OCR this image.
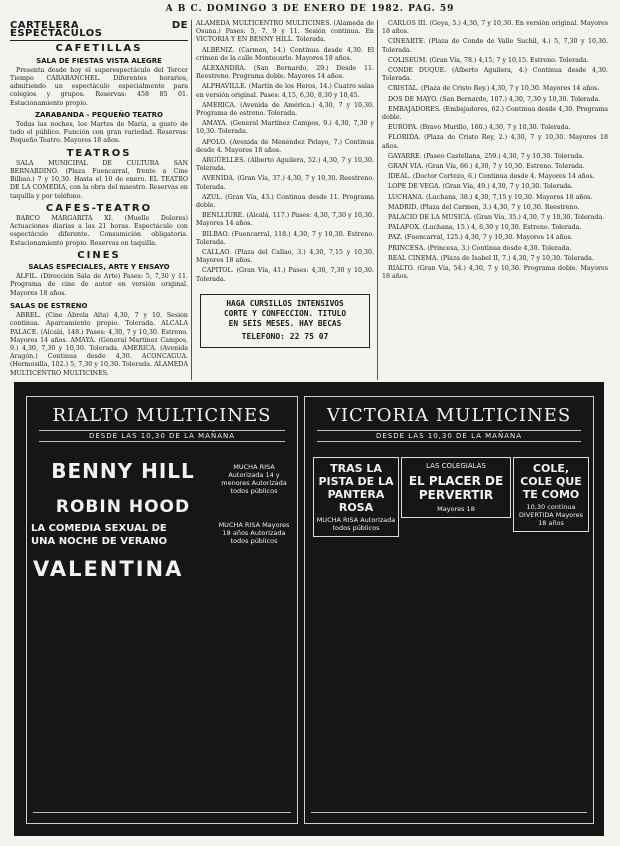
A B C. DOMINGO 3 DE ENERO DE 1982. PAG. 59
CARTELERA DE ESPECTACULOS
CAFETILLAS
SALA DE FIESTAS VISTA ALEGRE

Presenta desde hoy el superespectáculo del Tercer Tiempo CARABANCHEL. Diferentes horarios, admitiendo un espectáculo especialmente para colegios y grupos. Reservas: 458 85 01. Estacionamiento propio.

ZARABANDA - PEQUEÑO TEATRO

Todas las noches, los Martes de María, a gusto de todo el público. Función con gran variedad. Reservas: Pequeño Teatro. Mayores 18 años.

TEATROS

SALA MUNICIPAL DE CULTURA SAN BERNARDINO. (Plaza Fuencarral, frente a Cine Bilbao.) 7 y 10,30. Hasta el 10 de enero. EL TEATRO DE LA COMEDIA, con la obra del maestro. Reservas en taquilla y por teléfono.

CAFES-TEATRO

BARCO MARGARITA XI. (Muelle Dolores) Actuaciones diarias a las 21 horas. Espectáculo con espectáculo diferente. Consumición obligatoria. Estacionamiento propio. Reservas en taquilla.

CINES
SALAS ESPECIALES, ARTE Y ENSAYO

ALFIL. (Dirección Sala de Arte) Pases: 5, 7,30 y 11. Programa de cine de autor en versión original. Mayores 18 años.

SALAS DE ESTRENO

ABREL. (Cine Ábrela Alta) 4,30, 7 y 10. Sesión continua. Aparcamiento propio. Tolerada. ALCALA PALACE. (Alcalá, 148.) Pases: 4,30, 7 y 10,30. Estreno. Mayores 14 años. AMAYA. (General Martínez Campos, 9.) 4,30, 7,30 y 10,30. Tolerada. AMERICA. (Avenida Aragón.) Continua desde 4,30. ACONCAGUA. (Hermosilla, 102.) 5, 7,30 y 10,30. Tolerada. ALAMEDA MULTICENTRO MULTICINES.

ALAMEDA MULTICENTRO MULTICINES. (Alameda de Osuna.) Pases: 5, 7, 9 y 11. Sesión continua. En VICTORIA Y EN BENNY HILL. Tolerada.

ALBÉNIZ. (Carmen, 14.) Continua desde 4,30. El crimen de la calle Montecarlo. Mayores 18 años.

ALEXANDRA. (San Bernardo, 29.) Desde 11. Reestreno. Programa doble. Mayores 14 años.

ALPHAVILLE. (Martín de los Heros, 14.) Cuatro salas en versión original. Pases: 4,15, 6,30, 8,30 y 10,45.

AMERICA. (Avenida de América.) 4,30, 7 y 10,30. Programa de estreno. Tolerada.

AMAYA. (General Martínez Campos, 9.) 4,30, 7,30 y 10,30. Tolerada.

APOLO. (Avenida de Menéndez Pelayo, 7.) Continua desde 4. Mayores 18 años.

ARGÜELLES. (Alberto Aguilera, 52.) 4,30, 7 y 10,30. Tolerada.

AVENIDA. (Gran Vía, 37.) 4,30, 7 y 10,30. Reestreno. Tolerada.

AZUL. (Gran Vía, 43.) Continua desde 11. Programa doble.

BENLLIURE. (Alcalá, 117.) Pases: 4,30, 7,30 y 10,30. Mayores 14 años.

BILBAO. (Fuencarral, 118.) 4,30, 7 y 10,30. Estreno. Tolerada.

CALLAO. (Plaza del Callao, 3.) 4,30, 7,15 y 10,30. Mayores 18 años.

CAPITOL. (Gran Vía, 41.) Pases: 4,30, 7,30 y 10,30. Tolerada.

HAGA CURSILLOS INTENSIVOS
CORTE Y CONFECCION. TITULO
EN SEIS MESES. HAY BECAS
TELEFONO: 22 75 07

CARLOS III. (Goya, 5.) 4,30, 7 y 10,30. En versión original. Mayores 18 años.

CINEARTE. (Plaza de Conde de Valle Suchil, 4.) 5, 7,30 y 10,30. Tolerada.

COLISEUM. (Gran Vía, 78.) 4,15, 7 y 10,15. Estreno. Tolerada.

CONDE DUQUE. (Alberto Aguilera, 4.) Continua desde 4,30. Tolerada.

CRISTAL. (Plaza de Cristo Rey.) 4,30, 7 y 10,30. Mayores 14 años.

DOS DE MAYO. (San Bernardo, 107.) 4,30, 7,30 y 10,30. Tolerada.

EMBAJADORES. (Embajadores, 62.) Continua desde 4,30. Programa doble.

EUROPA. (Bravo Murillo, 160.) 4,30, 7 y 10,30. Tolerada.

FLORIDA. (Plaza de Cristo Rey, 2.) 4,30, 7 y 10,30. Mayores 18 años.

GAYARRE. (Paseo Castellana, 259.) 4,30, 7 y 10,30. Tolerada.

GRAN VIA. (Gran Vía, 66.) 4,30, 7 y 10,30. Estreno. Tolerada.

IDEAL. (Doctor Cortezo, 6.) Continua desde 4. Mayores 14 años.

LOPE DE VEGA. (Gran Vía, 49.) 4,30, 7 y 10,30. Tolerada.

LUCHANA. (Luchana, 38.) 4,30, 7,15 y 10,30. Mayores 18 años.

MADRID. (Plaza del Carmen, 3.) 4,30, 7 y 10,30. Reestreno.

PALACIO DE LA MUSICA. (Gran Vía, 35.) 4,30, 7 y 10,30. Tolerada.

PALAFOX. (Luchana, 15.) 4, 6,30 y 10,30. Estreno. Tolerada.

PAZ. (Fuencarral, 125.) 4,30, 7 y 10,30. Mayores 14 años.

PRINCESA. (Princesa, 3.) Continua desde 4,30. Tolerada.

REAL CINEMA. (Plaza de Isabel II, 7.) 4,30, 7 y 10,30. Tolerada.

RIALTO. (Gran Vía, 54.) 4,30, 7 y 10,30. Programa doble. Mayores 18 años.

RIALTO MULTICINES
DESDE LAS 10,30 DE LA MAÑANA
BENNY HILL	MUCHA RISA Autorizada 14 y menores Autorizada todos públicos
ROBIN HOOD
MUCHA RISA Mayores 18 años Autorizada todos públicos
LA COMEDIA SEXUAL DE
UNA NOCHE DE VERANO
VALENTINA
VICTORIA MULTICINES
DESDE LAS 10,30 DE LA MAÑANA
TRAS LA PISTA DE LA PANTERA ROSA
MUCHA RISA Autorizada todos públicos
LAS COLEGIALAS
EL PLACER DE PERVERTIR
Mayores 18
COLE, COLE QUE TE COMO
10,30 continua DIVERTIDA Mayores 18 años
